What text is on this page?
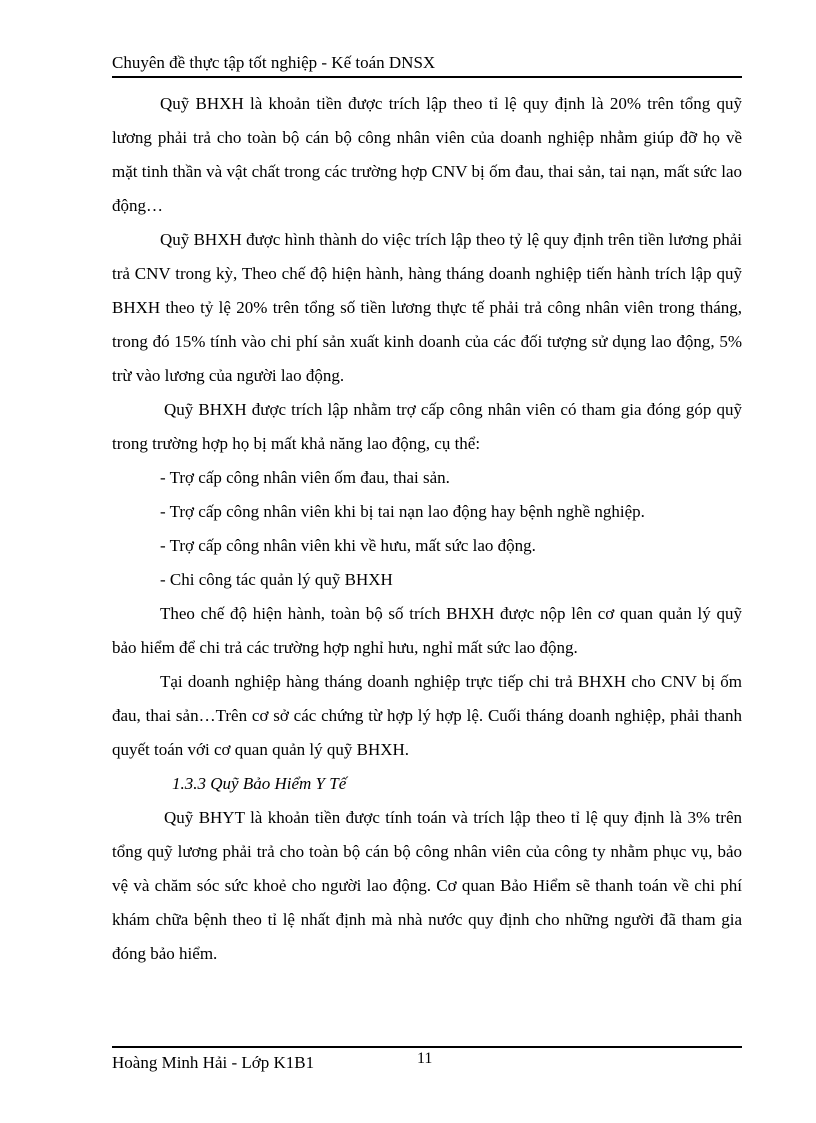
Chuyên đề thực tập tốt nghiệp - Kế toán DNSX

Quỹ BHXH là khoản tiền được trích lập theo tỉ lệ quy định là 20% trên tổng quỹ lương phải trả cho toàn bộ cán bộ công nhân viên của doanh nghiệp nhằm giúp đỡ họ về mặt tinh thần và vật chất trong các trường hợp CNV bị ốm đau, thai sản, tai nạn, mất sức lao động…

Quỹ BHXH được hình thành do việc trích lập theo tỷ lệ quy định trên tiền lương phải trả CNV trong kỳ, Theo chế độ hiện hành, hàng tháng doanh nghiệp tiến hành trích lập quỹ BHXH theo tỷ lệ 20% trên tổng số tiền lương thực tế phải trả công nhân viên trong tháng, trong đó 15% tính vào chi phí sản xuất kinh doanh của các đối tượng sử dụng lao động, 5% trừ vào lương của người lao động.

Quỹ BHXH được trích lập nhằm trợ cấp công nhân viên có tham gia đóng góp quỹ trong trường hợp họ bị mất khả năng lao động, cụ thể:

- Trợ cấp công nhân viên ốm đau, thai sản.

- Trợ cấp công nhân viên khi bị tai nạn lao động hay bệnh nghề nghiệp.

- Trợ cấp công nhân viên khi về hưu, mất sức lao động.

- Chi công tác quản lý quỹ BHXH

Theo chế độ hiện hành, toàn bộ số trích BHXH được nộp lên cơ quan quản lý quỹ bảo hiểm để chi trả các trường hợp nghỉ hưu, nghỉ mất sức lao động.

Tại doanh nghiệp hàng tháng doanh nghiệp trực tiếp chi trả BHXH cho CNV bị ốm đau, thai sản…Trên cơ sở các chứng từ hợp lý hợp lệ. Cuối tháng doanh nghiệp, phải thanh quyết toán với cơ quan quản lý quỹ BHXH.

1.3.3 Quỹ Bảo Hiểm Y Tế

Quỹ BHYT là khoản tiền được tính toán và trích lập theo tỉ lệ quy định là 3% trên tổng quỹ lương phải trả cho toàn bộ cán bộ công nhân viên của công ty nhằm phục vụ, bảo vệ và chăm sóc sức khoẻ cho người lao động. Cơ quan Bảo Hiểm sẽ thanh toán về chi phí khám chữa bệnh theo tỉ lệ nhất định mà nhà nước quy định cho những người đã tham gia đóng bảo hiểm.

Hoàng Minh Hải - Lớp K1B1	11
